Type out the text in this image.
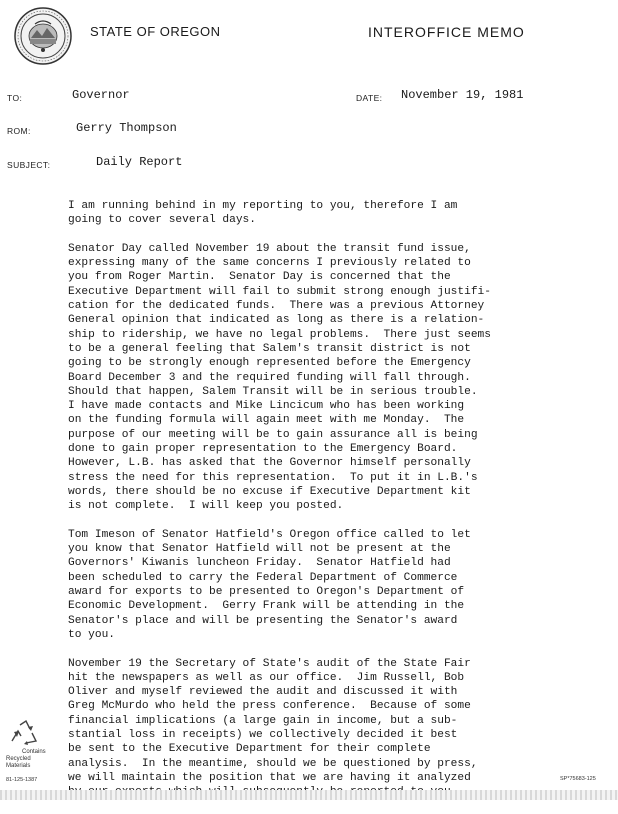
STATE OF OREGON	INTEROFFICE MEMO
TO:	Governor	DATE: November 19, 1981
ROM:	Gerry Thompson
SUBJECT:	Daily Report

I am running behind in my reporting to you, therefore I am
going to cover several days.

Senator Day called November 19 about the transit fund issue,
expressing many of the same concerns I previously related to
you from Roger Martin.  Senator Day is concerned that the
Executive Department will fail to submit strong enough justifi-
cation for the dedicated funds.  There was a previous Attorney
General opinion that indicated as long as there is a relation-
ship to ridership, we have no legal problems.  There just seems
to be a general feeling that Salem's transit district is not
going to be strongly enough represented before the Emergency
Board December 3 and the required funding will fall through.
Should that happen, Salem Transit will be in serious trouble.
I have made contacts and Mike Lincicum who has been working
on the funding formula will again meet with me Monday.  The
purpose of our meeting will be to gain assurance all is being
done to gain proper representation to the Emergency Board.
However, L.B. has asked that the Governor himself personally
stress the need for this representation.  To put it in L.B.'s
words, there should be no excuse if Executive Department kit
is not complete.  I will keep you posted.

Tom Imeson of Senator Hatfield's Oregon office called to let
you know that Senator Hatfield will not be present at the
Governors' Kiwanis luncheon Friday.  Senator Hatfield had
been scheduled to carry the Federal Department of Commerce
award for exports to be presented to Oregon's Department of
Economic Development.  Gerry Frank will be attending in the
Senator's place and will be presenting the Senator's award
to you.

November 19 the Secretary of State's audit of the State Fair
hit the newspapers as well as our office.  Jim Russell, Bob
Oliver and myself reviewed the audit and discussed it with
Greg McMurdo who held the press conference.  Because of some
financial implications (a large gain in income, but a sub-
stantial loss in receipts) we collectively decided it best
be sent to the Executive Department for their complete
analysis.  In the meantime, should we be questioned by press,
we will maintain the position that we are having it analyzed

Contains
Recycled
Materials
81-125-1387	SP*75683-125
